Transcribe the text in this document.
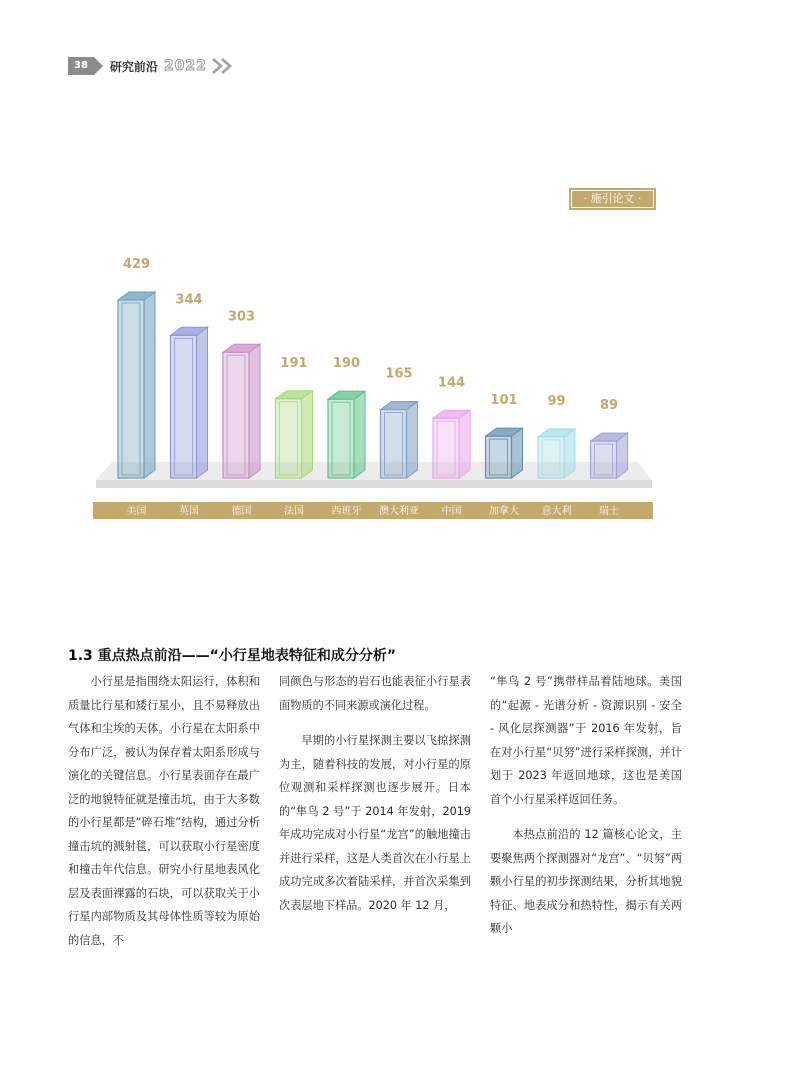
38	研究前沿 2022
· 施引论文 ·
429
344
303
191 190
165
144
101 99	89
美国	英国	德国	法国	西班牙 澳大利亚 中国	加拿大 意大利	瑞士
1.3 重点热点前沿——“小行星地表特征和成分分析”

小行星是指围绕太阳运行，体积和质量比行星和矮行星小，且不易释放出气体和尘埃的天体。小行星在太阳系中分布广泛，被认为保存着太阳系形成与演化的关键信息。小行星表面存在最广泛的地貌特征就是撞击坑，由于大多数的小行星都是“碎石堆”结构，通过分析撞击坑的溅射毯，可以获取小行星密度和撞击年代信息。研究小行星地表风化层及表面裸露的石块，可以获取关于小行星内部物质及其母体性质等较为原始的信息，不

同颜色与形态的岩石也能表征小行星表面物质的不同来源或演化过程。

早期的小行星探测主要以飞掠探测为主，随着科技的发展，对小行星的原位观测和采样探测也逐步展开。日本的“隼鸟 2 号”于 2014 年发射，2019 年成功完成对小行星“龙宫”的触地撞击并进行采样，这是人类首次在小行星上成功完成多次着陆采样，并首次采集到次表层地下样品。2020 年 12 月，

“隼鸟 2 号”携带样品着陆地球。美国的“起源 - 光谱分析 - 资源识别 - 安全 - 风化层探测器”于 2016 年发射，旨在对小行星“贝努”进行采样探测，并计划于 2023 年返回地球，这也是美国首个小行星采样返回任务。

本热点前沿的 12 篇核心论文，主要聚焦两个探测器对“龙宫”、“贝努”两颗小行星的初步探测结果，分析其地貌特征、地表成分和热特性，揭示有关两颗小
